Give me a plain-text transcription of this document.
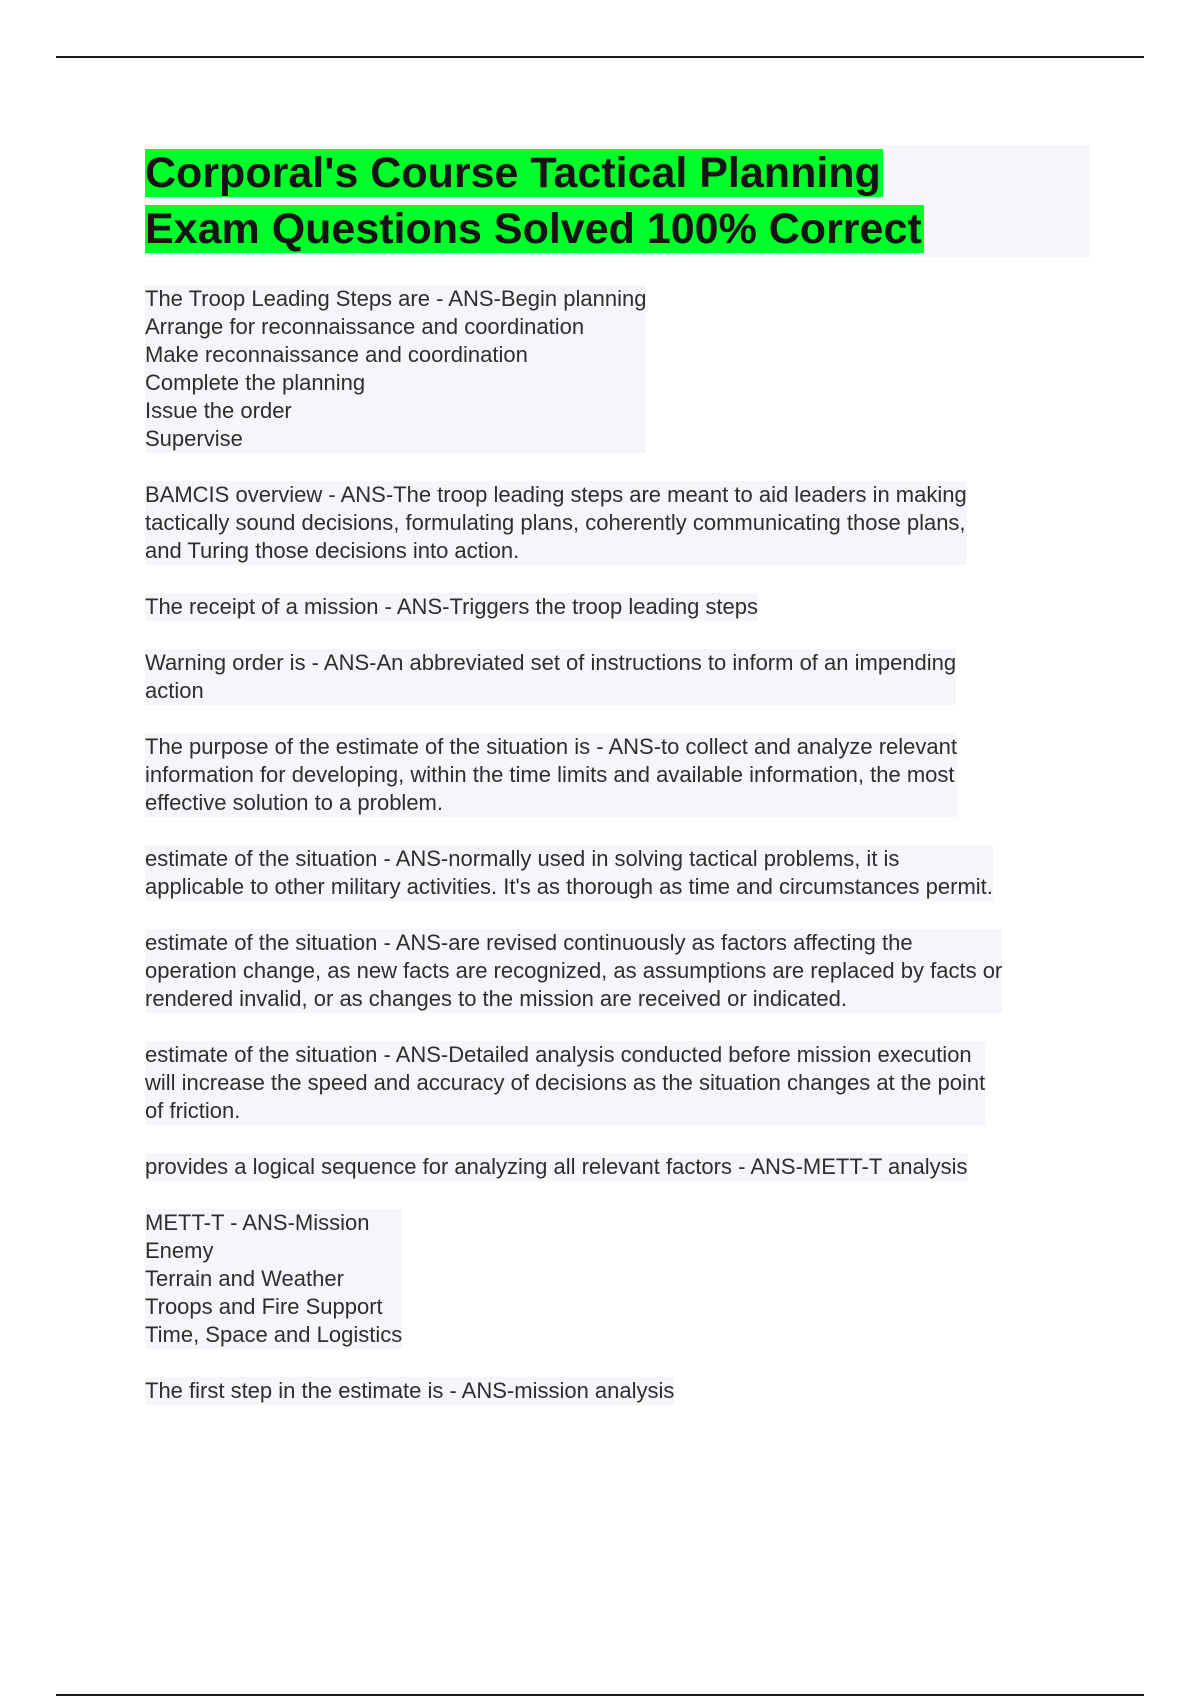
Corporal's Course Tactical Planning
Exam Questions Solved 100% Correct
The Troop Leading Steps are - ANS-Begin planning
Arrange for reconnaissance and coordination
Make reconnaissance and coordination
Complete the planning
Issue the order
Supervise
BAMCIS overview - ANS-The troop leading steps are meant to aid leaders in making
tactically sound decisions, formulating plans, coherently communicating those plans,
and Turing those decisions into action.
The receipt of a mission - ANS-Triggers the troop leading steps
Warning order is - ANS-An abbreviated set of instructions to inform of an impending
action
The purpose of the estimate of the situation is - ANS-to collect and analyze relevant
information for developing, within the time limits and available information, the most
effective solution to a problem.
estimate of the situation - ANS-normally used in solving tactical problems, it is
applicable to other military activities. It's as thorough as time and circumstances permit.
estimate of the situation - ANS-are revised continuously as factors affecting the
operation change, as new facts are recognized, as assumptions are replaced by facts or
rendered invalid, or as changes to the mission are received or indicated.
estimate of the situation - ANS-Detailed analysis conducted before mission execution
will increase the speed and accuracy of decisions as the situation changes at the point
of friction.
provides a logical sequence for analyzing all relevant factors - ANS-METT-T analysis
METT-T - ANS-Mission
Enemy
Terrain and Weather
Troops and Fire Support
Time, Space and Logistics
The first step in the estimate is - ANS-mission analysis
